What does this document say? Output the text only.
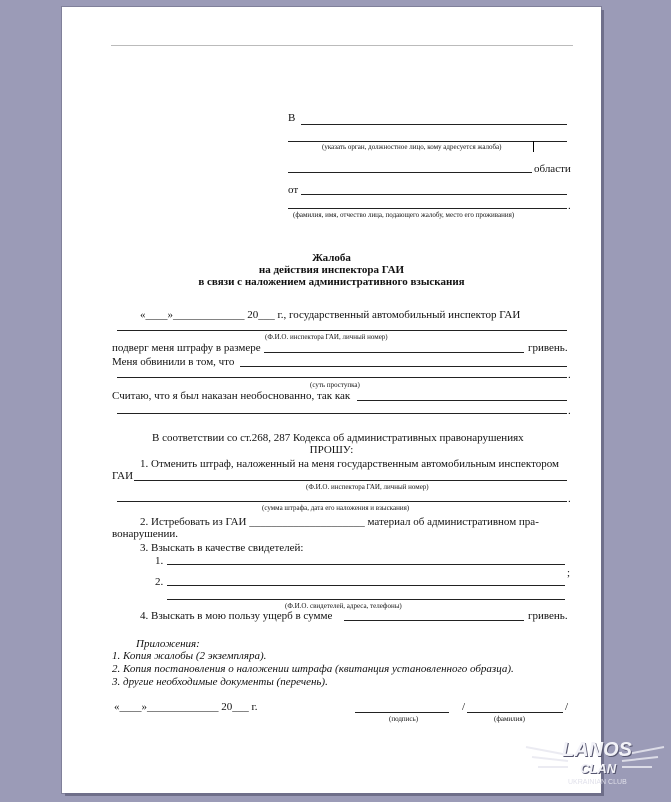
В
(указать орган, должностное лицо, кому адресуется жалоба)
области
от
.
(фамилия, имя, отчество лица, подающего жалобу, место его проживания)
Жалоба
на действия инспектора ГАИ
в связи с наложением административного взыскания
«____»_____________ 20___ г., государственный автомобильный инспектор ГАИ
(Ф.И.О. инспектора ГАИ, личный номер)
подверг меня штрафу в размере	гривень.
Меня обвинили в том, что
.
(суть проступка)
Считаю, что я был наказан необоснованно, так как
.
В соответствии со ст.268, 287 Кодекса об административных правонарушениях
ПРОШУ:
1. Отменить штраф, наложенный на меня государственным автомобильным инспектором
ГАИ
(Ф.И.О. инспектора ГАИ, личный номер)
.
(сумма штрафа, дата его наложения и взыскания)
2. Истребовать из ГАИ _____________________ материал об административном пра-
вонарушении.
3. Взыскать в качестве свидетелей:
1.
;
2.
(Ф.И.О. свидетелей, адреса, телефоны)
4. Взыскать в мою пользу ущерб в сумме	гривень.
Приложения:
1. Копия жалобы (2 экземпляра).
2. Копия постановления о наложении штрафа (квитанция установленного образца).
3. другие необходимые документы (перечень).
«____»_____________ 20___ г.
(подпись)
/	/
(фамилия)
LANOS
CLAN
UKRAINIAN CLUB
